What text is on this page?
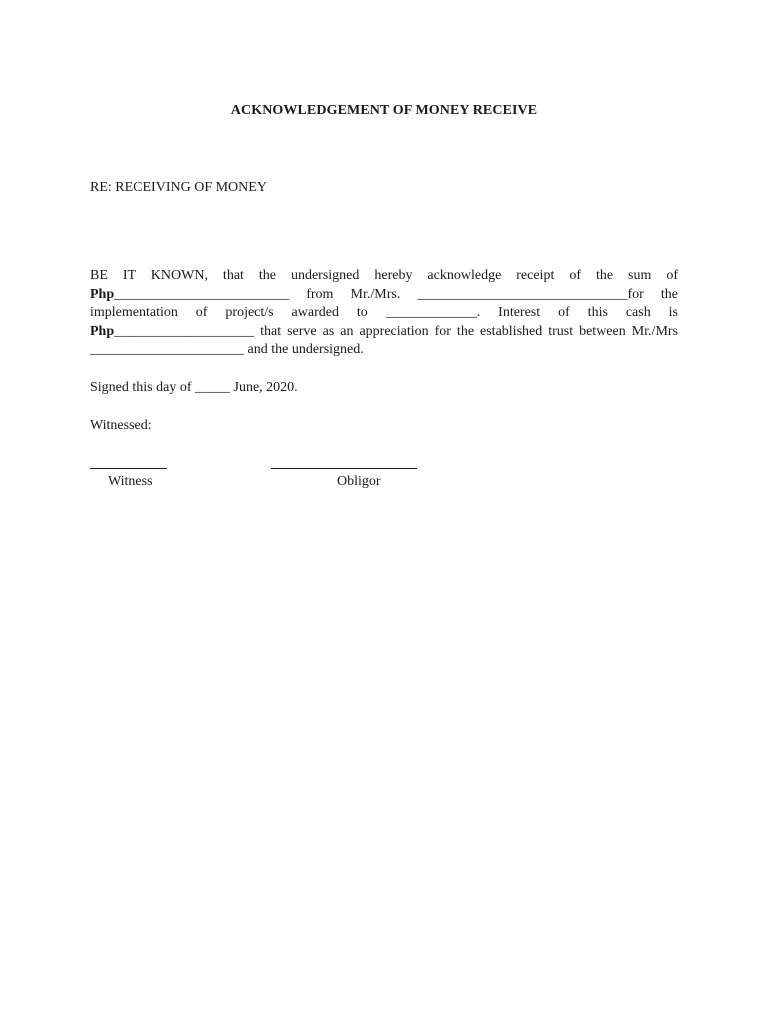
ACKNOWLEDGEMENT OF MONEY RECEIVE
RE: RECEIVING OF MONEY
BE IT KNOWN, that the undersigned hereby acknowledge receipt of the sum of Php_________________________ from Mr./Mrs. ______________________________for the implementation of project/s awarded to _____________. Interest of this cash is Php____________________ that serve as an appreciation for the established trust between Mr./Mrs ______________________ and the undersigned.
Signed this day of _____ June, 2020.
Witnessed:
Witness	Obligor
